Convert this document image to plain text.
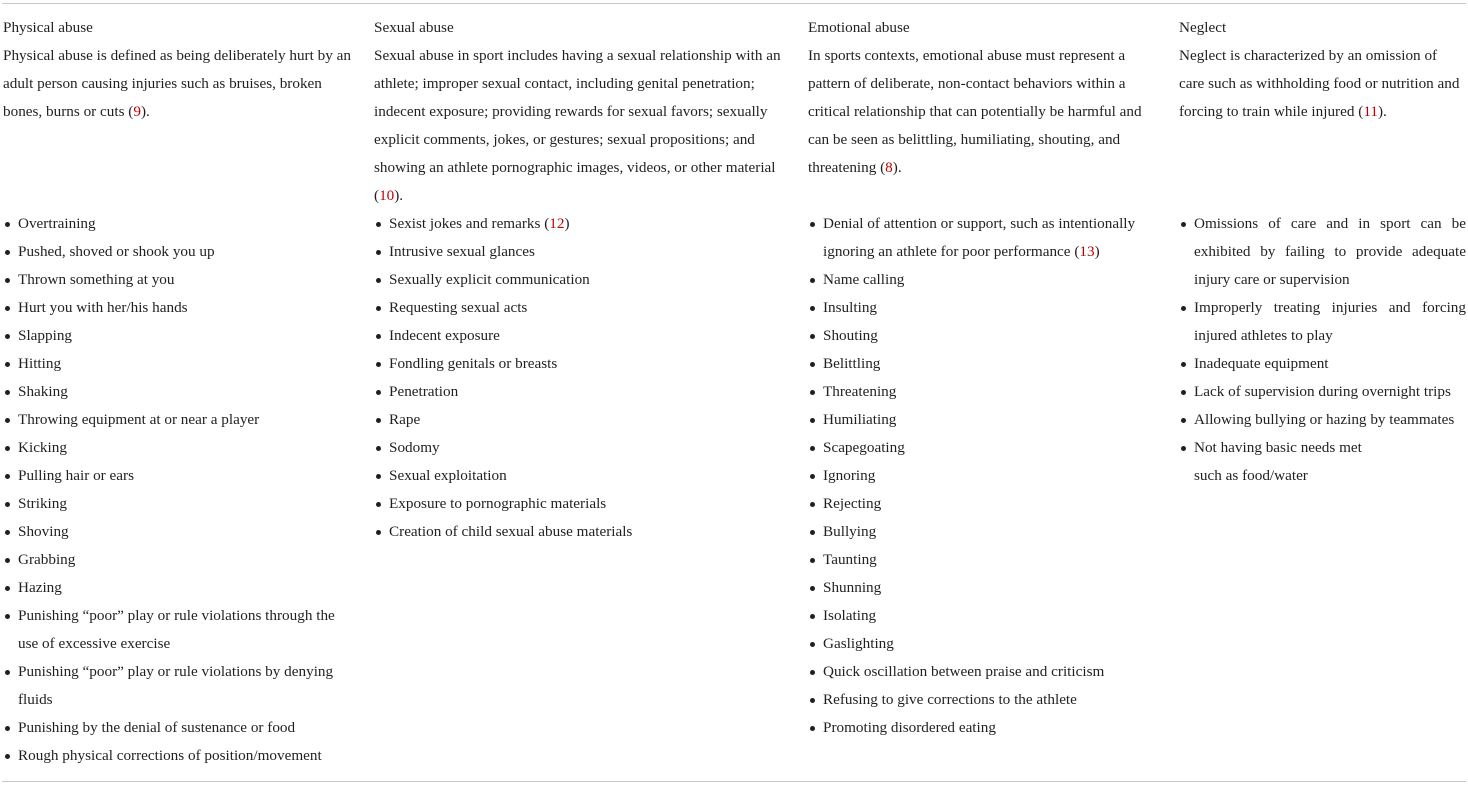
Physical abuse
Physical abuse is defined as being deliberately hurt by an adult person causing injuries such as bruises, broken bones, burns or cuts (9).
Overtraining
Pushed, shoved or shook you up
Thrown something at you
Hurt you with her/his hands
Slapping
Hitting
Shaking
Throwing equipment at or near a player
Kicking
Pulling hair or ears
Striking
Shoving
Grabbing
Hazing
Punishing “poor” play or rule violations through the use of excessive exercise
Punishing “poor” play or rule violations by denying fluids
Punishing by the denial of sustenance or food
Rough physical corrections of position/movement
Sexual abuse
Sexual abuse in sport includes having a sexual relationship with an athlete; improper sexual contact, including genital penetration; indecent exposure; providing rewards for sexual favors; sexually explicit comments, jokes, or gestures; sexual propositions; and showing an athlete pornographic images, videos, or other material (10).
Sexist jokes and remarks (12)
Intrusive sexual glances
Sexually explicit communication
Requesting sexual acts
Indecent exposure
Fondling genitals or breasts
Penetration
Rape
Sodomy
Sexual exploitation
Exposure to pornographic materials
Creation of child sexual abuse materials
Emotional abuse
In sports contexts, emotional abuse must represent a pattern of deliberate, non-contact behaviors within a critical relationship that can potentially be harmful and can be seen as belittling, humiliating, shouting, and threatening (8).
Denial of attention or support, such as intentionally ignoring an athlete for poor performance (13)
Name calling
Insulting
Shouting
Belittling
Threatening
Humiliating
Scapegoating
Ignoring
Rejecting
Bullying
Taunting
Shunning
Isolating
Gaslighting
Quick oscillation between praise and criticism
Refusing to give corrections to the athlete
Promoting disordered eating
Neglect
Neglect is characterized by an omission of care such as withholding food or nutrition and forcing to train while injured (11).
Omissions of care and in sport can be exhibited by failing to provide adequate injury care or supervision
Improperly treating injuries and forcing injured athletes to play
Inadequate equipment
Lack of supervision during overnight trips
Allowing bullying or hazing by teammates
Not having basic needs met
such as food/water
